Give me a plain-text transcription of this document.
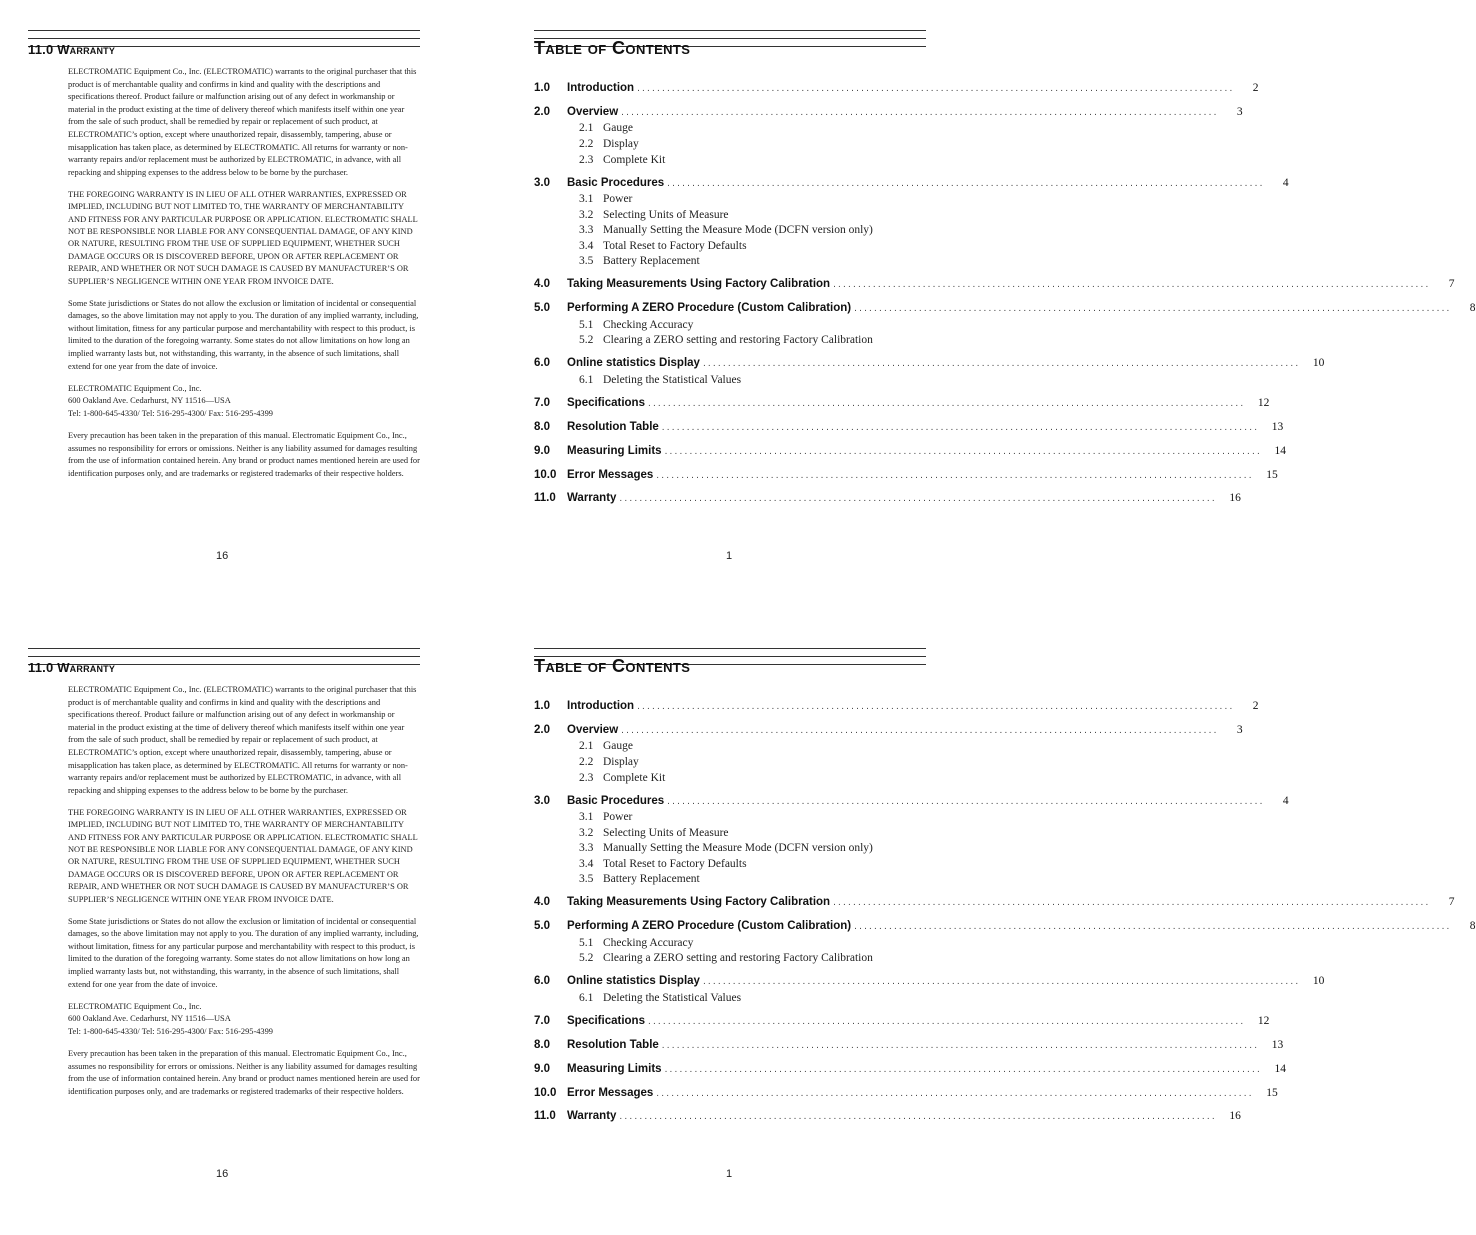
11.0 Warranty

ELECTROMATIC Equipment Co., Inc. (ELECTROMATIC) warrants to the original purchaser that this product is of merchantable quality and confirms in kind and quality with the descriptions and specifications thereof. Product failure or malfunction arising out of any defect in workmanship or material in the product existing at the time of delivery thereof which manifests itself within one year from the sale of such product, shall be remedied by repair or replacement of such product, at ELECTROMATIC’s option, except where unauthorized repair, disassembly, tampering, abuse or misapplication has taken place, as determined by ELECTROMATIC. All returns for warranty or non-warranty repairs and/or replacement must be authorized by ELECTROMATIC, in advance, with all repacking and shipping expenses to the address below to be borne by the purchaser.

THE FOREGOING WARRANTY IS IN LIEU OF ALL OTHER WARRANTIES, EXPRESSED OR IMPLIED, INCLUDING BUT NOT LIMITED TO, THE WARRANTY OF MERCHANTABILITY AND FITNESS FOR ANY PARTICULAR PURPOSE OR APPLICATION. ELECTROMATIC SHALL NOT BE RESPONSIBLE NOR LIABLE FOR ANY CONSEQUENTIAL DAMAGE, OF ANY KIND OR NATURE, RESULTING FROM THE USE OF SUPPLIED EQUIPMENT, WHETHER SUCH DAMAGE OCCURS OR IS DISCOVERED BEFORE, UPON OR AFTER REPLACEMENT OR REPAIR, AND WHETHER OR NOT SUCH DAMAGE IS CAUSED BY MANUFACTURER’S OR SUPPLIER’S NEGLIGENCE WITHIN ONE YEAR FROM INVOICE DATE.

Some State jurisdictions or States do not allow the exclusion or limitation of incidental or consequential damages, so the above limitation may not apply to you. The duration of any implied warranty, including, without limitation, fitness for any particular purpose and merchantability with respect to this product, is limited to the duration of the foregoing warranty. Some states do not allow limitations on how long an implied warranty lasts but, not withstanding, this warranty, in the absence of such limitations, shall extend for one year from the date of invoice.

ELECTROMATIC Equipment Co., Inc.
600 Oakland Ave. Cedarhurst, NY 11516—USA
Tel: 1-800-645-4330/ Tel: 516-295-4300/ Fax: 516-295-4399

Every precaution has been taken in the preparation of this manual. Electromatic Equipment Co., Inc., assumes no responsibility for errors or omissions. Neither is any liability assumed for damages resulting from the use of information contained herein. Any brand or product names mentioned herein are used for identification purposes only, and are trademarks or registered trademarks of their respective holders.

16
Table of Contents
1.0	Introduction ........................................................................................................................	2
2.0	Overview ........................................................................................................................	3
2.1 Gauge
2.2 Display
2.3 Complete Kit
3.0	Basic Procedures ........................................................................................................................	4
3.1 Power
3.2 Selecting Units of Measure
3.3 Manually Setting the Measure Mode (DCFN version only)
3.4 Total Reset to Factory Defaults
3.5 Battery Replacement
4.0	Taking Measurements Using Factory Calibration ........................................................................................................................	7
5.0	Performing A ZERO Procedure (Custom Calibration) ........................................................................................................................	8
5.1 Checking Accuracy
5.2 Clearing a ZERO setting and restoring Factory Calibration
6.0	Online statistics Display ........................................................................................................................	10
6.1 Deleting the Statistical Values
7.0	Specifications ........................................................................................................................	12
8.0	Resolution Table ........................................................................................................................	13
9.0	Measuring Limits ........................................................................................................................	14
10.0 Error Messages ........................................................................................................................	15
11.0 Warranty ........................................................................................................................	16
1
11.0 Warranty

ELECTROMATIC Equipment Co., Inc. (ELECTROMATIC) warrants to the original purchaser that this product is of merchantable quality and confirms in kind and quality with the descriptions and specifications thereof. Product failure or malfunction arising out of any defect in workmanship or material in the product existing at the time of delivery thereof which manifests itself within one year from the sale of such product, shall be remedied by repair or replacement of such product, at ELECTROMATIC’s option, except where unauthorized repair, disassembly, tampering, abuse or misapplication has taken place, as determined by ELECTROMATIC. All returns for warranty or non-warranty repairs and/or replacement must be authorized by ELECTROMATIC, in advance, with all repacking and shipping expenses to the address below to be borne by the purchaser.

THE FOREGOING WARRANTY IS IN LIEU OF ALL OTHER WARRANTIES, EXPRESSED OR IMPLIED, INCLUDING BUT NOT LIMITED TO, THE WARRANTY OF MERCHANTABILITY AND FITNESS FOR ANY PARTICULAR PURPOSE OR APPLICATION. ELECTROMATIC SHALL NOT BE RESPONSIBLE NOR LIABLE FOR ANY CONSEQUENTIAL DAMAGE, OF ANY KIND OR NATURE, RESULTING FROM THE USE OF SUPPLIED EQUIPMENT, WHETHER SUCH DAMAGE OCCURS OR IS DISCOVERED BEFORE, UPON OR AFTER REPLACEMENT OR REPAIR, AND WHETHER OR NOT SUCH DAMAGE IS CAUSED BY MANUFACTURER’S OR SUPPLIER’S NEGLIGENCE WITHIN ONE YEAR FROM INVOICE DATE.

Some State jurisdictions or States do not allow the exclusion or limitation of incidental or consequential damages, so the above limitation may not apply to you. The duration of any implied warranty, including, without limitation, fitness for any particular purpose and merchantability with respect to this product, is limited to the duration of the foregoing warranty. Some states do not allow limitations on how long an implied warranty lasts but, not withstanding, this warranty, in the absence of such limitations, shall extend for one year from the date of invoice.

ELECTROMATIC Equipment Co., Inc.
600 Oakland Ave. Cedarhurst, NY 11516—USA
Tel: 1-800-645-4330/ Tel: 516-295-4300/ Fax: 516-295-4399

Every precaution has been taken in the preparation of this manual. Electromatic Equipment Co., Inc., assumes no responsibility for errors or omissions. Neither is any liability assumed for damages resulting from the use of information contained herein. Any brand or product names mentioned herein are used for identification purposes only, and are trademarks or registered trademarks of their respective holders.

16
Table of Contents
1.0	Introduction ........................................................................................................................	2
2.0	Overview ........................................................................................................................	3
2.1 Gauge
2.2 Display
2.3 Complete Kit
3.0	Basic Procedures ........................................................................................................................	4
3.1 Power
3.2 Selecting Units of Measure
3.3 Manually Setting the Measure Mode (DCFN version only)
3.4 Total Reset to Factory Defaults
3.5 Battery Replacement
4.0	Taking Measurements Using Factory Calibration ........................................................................................................................	7
5.0	Performing A ZERO Procedure (Custom Calibration) ........................................................................................................................	8
5.1 Checking Accuracy
5.2 Clearing a ZERO setting and restoring Factory Calibration
6.0	Online statistics Display ........................................................................................................................	10
6.1 Deleting the Statistical Values
7.0	Specifications ........................................................................................................................	12
8.0	Resolution Table ........................................................................................................................	13
9.0	Measuring Limits ........................................................................................................................	14
10.0 Error Messages ........................................................................................................................	15
11.0 Warranty ........................................................................................................................	16
1
